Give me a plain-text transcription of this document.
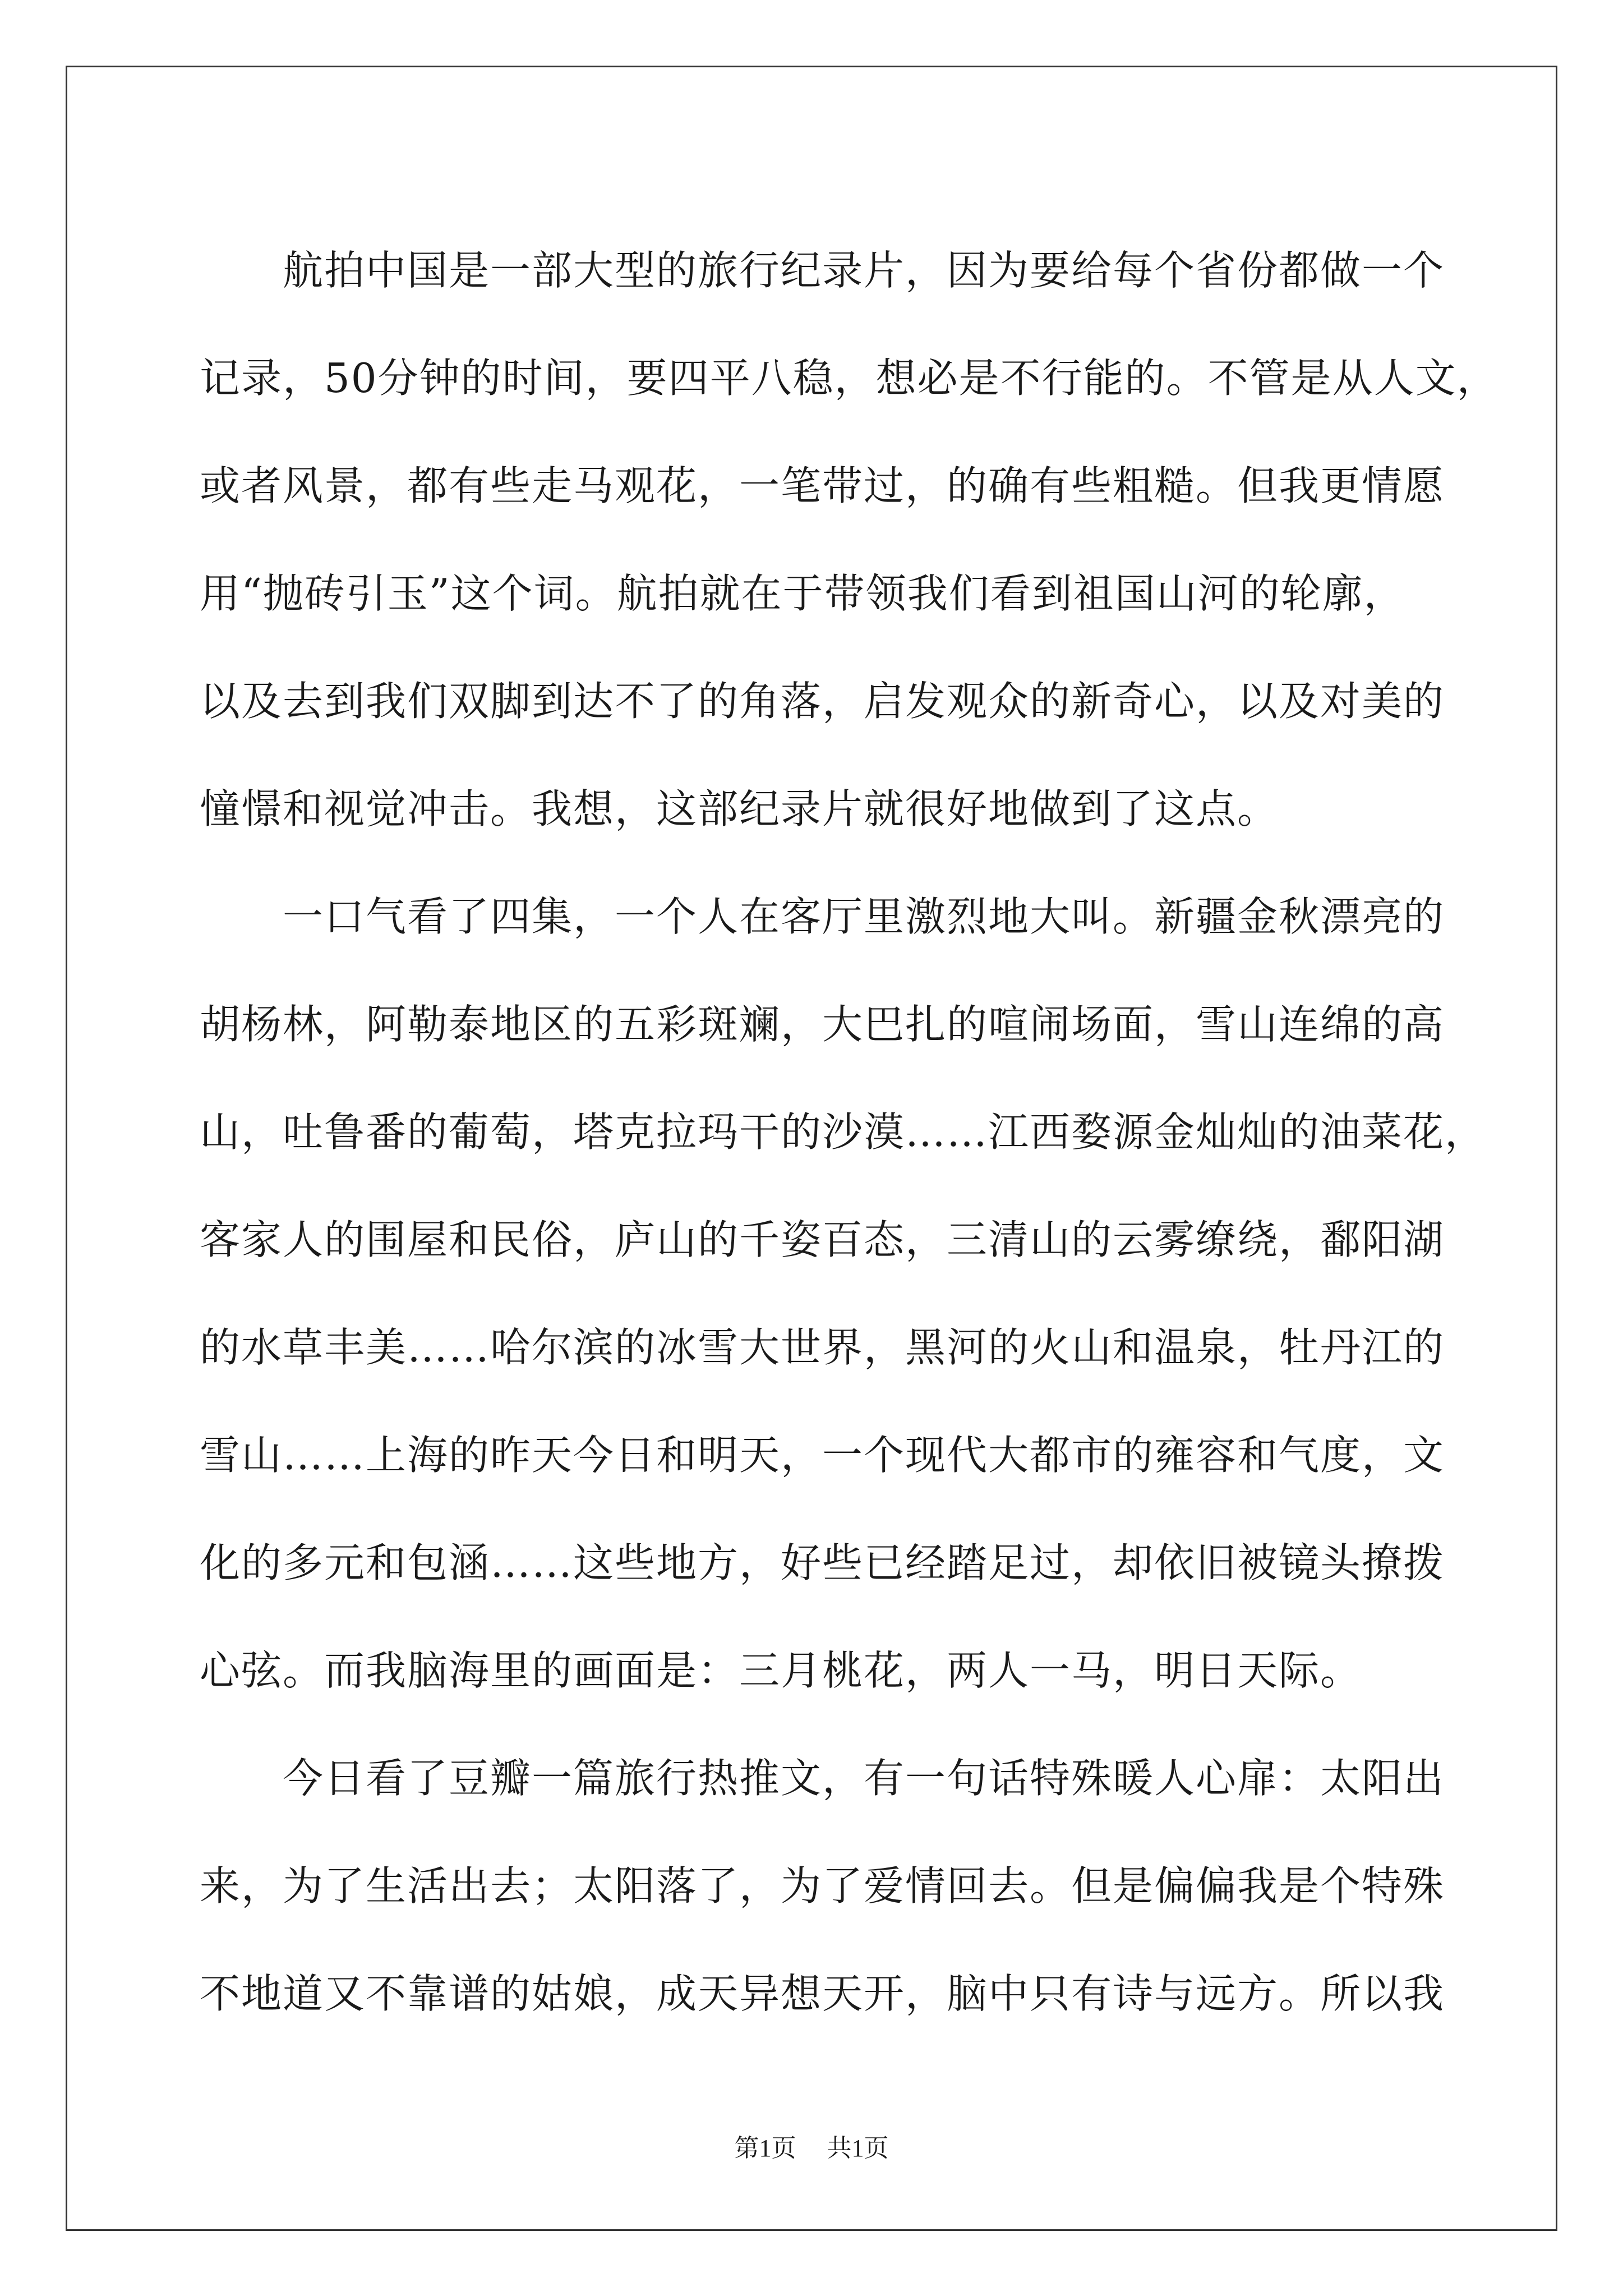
航拍中国是一部大型的旅行纪录片，因为要给每个省份都做一个
记录，50分钟的时间，要四平八稳，想必是不行能的。不管是从人文，
或者风景，都有些走马观花，一笔带过，的确有些粗糙。但我更情愿
用“抛砖引玉”这个词。航拍就在于带领我们看到祖国山河的轮廓，
以及去到我们双脚到达不了的角落，启发观众的新奇心，以及对美的
憧憬和视觉冲击。我想，这部纪录片就很好地做到了这点。
一口气看了四集，一个人在客厅里激烈地大叫。新疆金秋漂亮的
胡杨林，阿勒泰地区的五彩斑斓，大巴扎的喧闹场面，雪山连绵的高
山，吐鲁番的葡萄，塔克拉玛干的沙漠……江西婺源金灿灿的油菜花，
客家人的围屋和民俗，庐山的千姿百态，三清山的云雾缭绕，鄱阳湖
的水草丰美……哈尔滨的冰雪大世界，黑河的火山和温泉，牡丹江的
雪山……上海的昨天今日和明天，一个现代大都市的雍容和气度，文
化的多元和包涵……这些地方，好些已经踏足过，却依旧被镜头撩拨
心弦。而我脑海里的画面是：三月桃花，两人一马，明日天际。
今日看了豆瓣一篇旅行热推文，有一句话特殊暖人心扉：太阳出
来，为了生活出去；太阳落了，为了爱情回去。但是偏偏我是个特殊
不地道又不靠谱的姑娘，成天异想天开，脑中只有诗与远方。所以我
第1页 共1页
